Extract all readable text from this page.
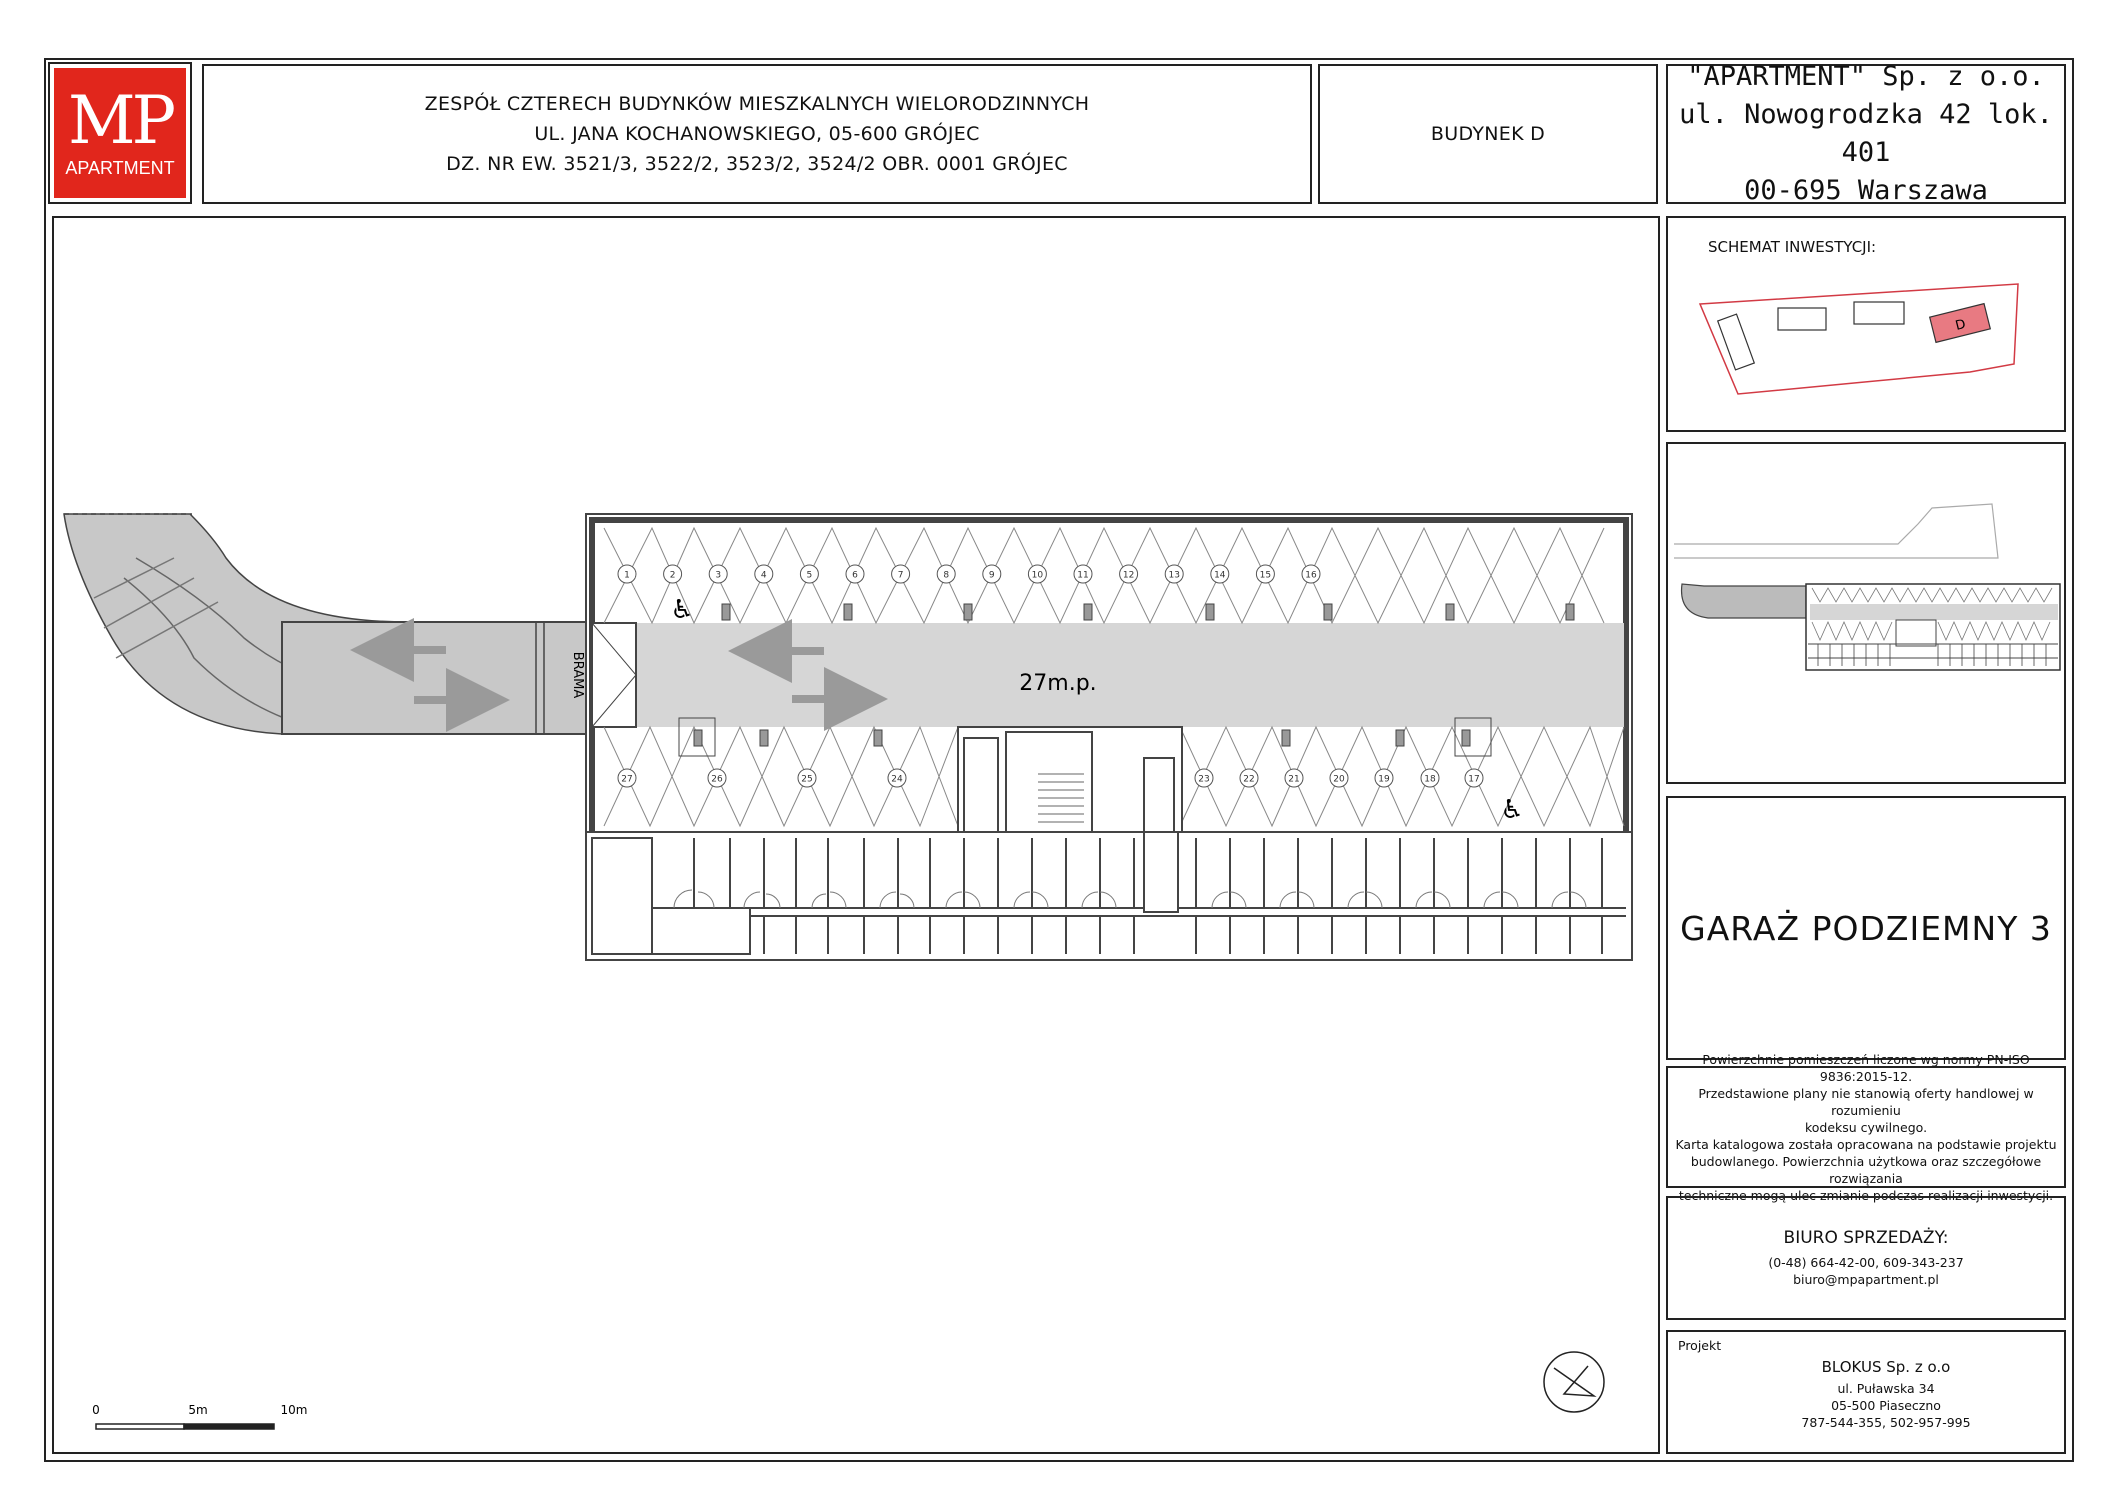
MP
APARTMENT
ZESPÓŁ CZTERECH BUDYNKÓW MIESZKALNYCH WIELORODZINNYCH
UL. JANA KOCHANOWSKIEGO, 05-600 GRÓJEC
DZ. NR EW. 3521/3, 3522/2, 3523/2, 3524/2 OBR. 0001 GRÓJEC
BUDYNEK D
"APARTMENT" Sp. z o.o.
ul. Nowogrodzka 42 lok. 401
00-695 Warszawa
BRAMA	27m.p.
♿
♿
1	2	3	4	5	6	7	8	9	10	11	12	13	14	15	16
27	26	25	24	23	22	21	20	19	18	17
0	5m	10m
SCHEMAT INWESTYCJI:
D
GARAŻ PODZIEMNY 3
Powierzchnie pomieszczeń liczone wg normy PN-ISO 9836:2015-12.
Przedstawione plany nie stanowią oferty handlowej w rozumieniu
kodeksu cywilnego.
Karta katalogowa została opracowana na podstawie projektu
budowlanego. Powierzchnia użytkowa oraz szczegółowe rozwiązania
techniczne mogą ulec zmianie podczas realizacji inwestycji.
BIURO SPRZEDAŻY:
(0-48) 664-42-00, 609-343-237
biuro@mpapartment.pl
Projekt
BLOKUS Sp. z o.o
ul. Puławska 34
05-500 Piaseczno
787-544-355, 502-957-995
